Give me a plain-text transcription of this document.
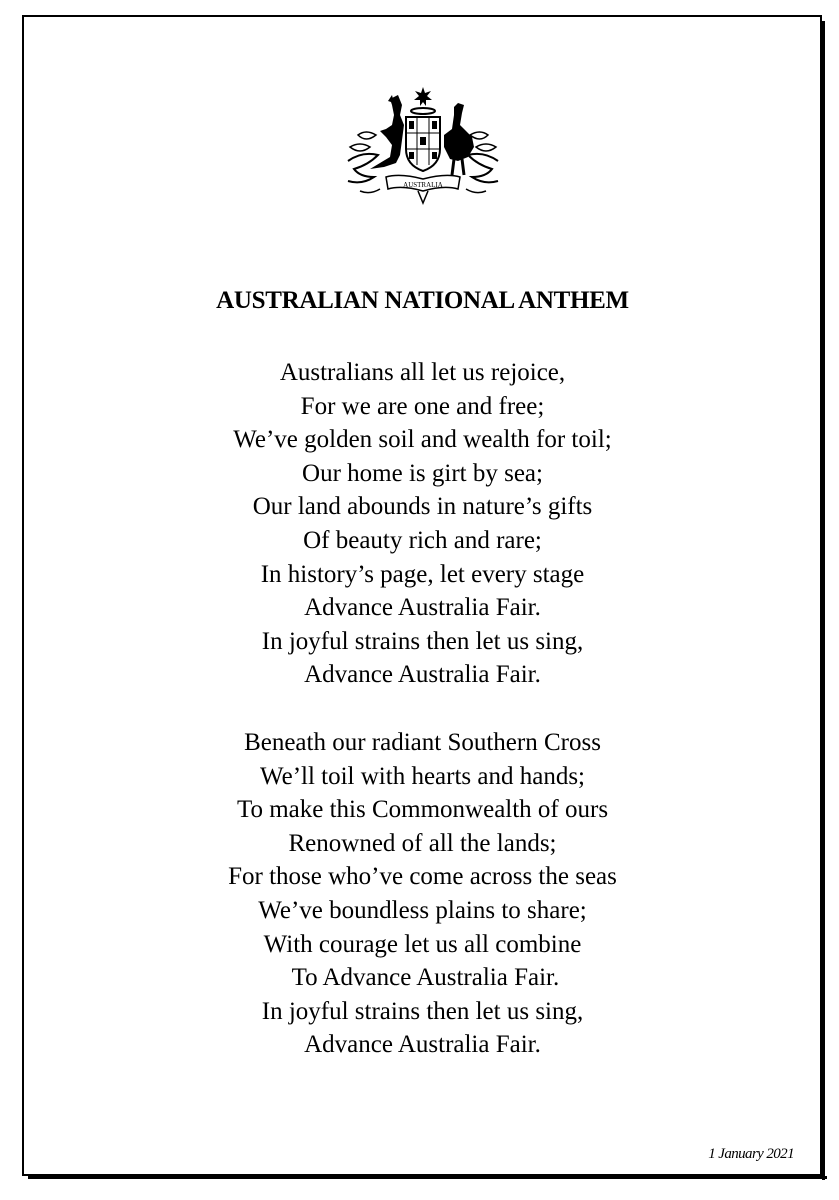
AUSTRALIA
AUSTRALIAN NATIONAL ANTHEM
Australians all let us rejoice,
For we are one and free;
We’ve golden soil and wealth for toil;
Our home is girt by sea;
Our land abounds in nature’s gifts
Of beauty rich and rare;
In history’s page, let every stage
Advance Australia Fair.
In joyful strains then let us sing,
Advance Australia Fair.
Beneath our radiant Southern Cross
We’ll toil with hearts and hands;
To make this Commonwealth of ours
Renowned of all the lands;
For those who’ve come across the seas
We’ve boundless plains to share;
With courage let us all combine
To Advance Australia Fair.
In joyful strains then let us sing,
Advance Australia Fair.
1 January 2021
